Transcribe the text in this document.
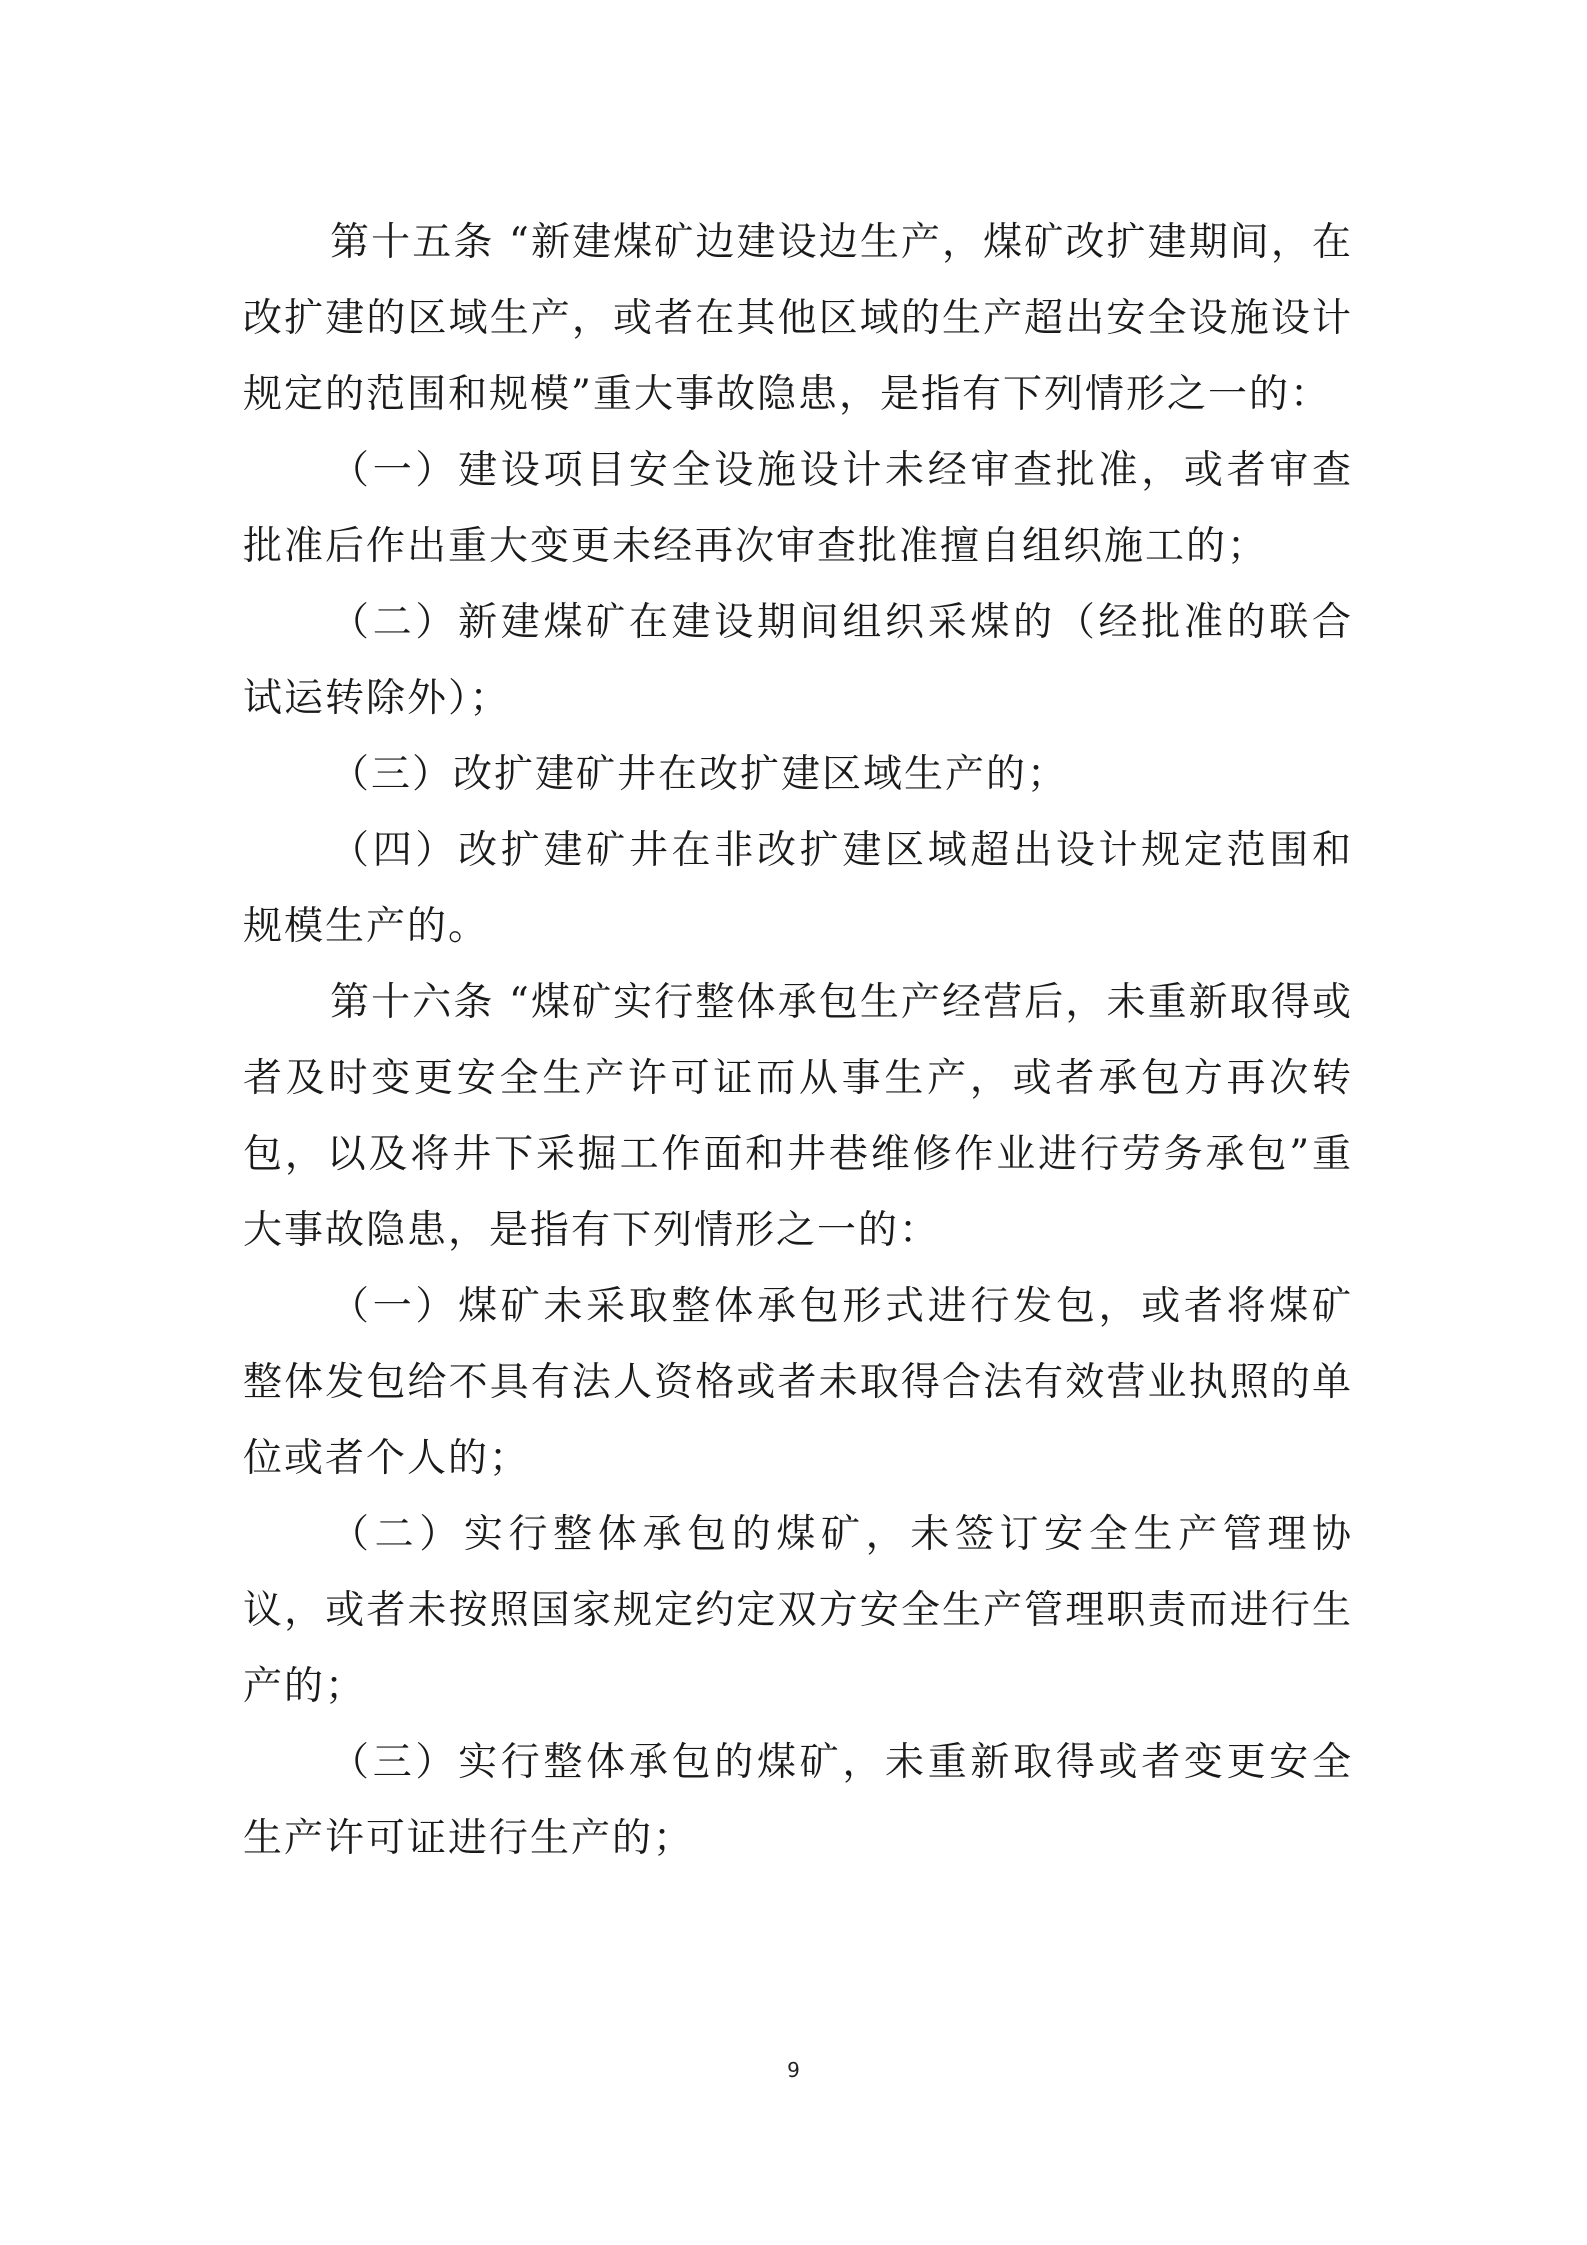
第十五条 “新建煤矿边建设边生产，煤矿改扩建期间，在改扩建的区域生产，或者在其他区域的生产超出安全设施设计规定的范围和规模”重大事故隐患，是指有下列情形之一的：

（一）建设项目安全设施设计未经审查批准，或者审查批准后作出重大变更未经再次审查批准擅自组织施工的；

（二）新建煤矿在建设期间组织采煤的（经批准的联合试运转除外）；

（三）改扩建矿井在改扩建区域生产的；

（四）改扩建矿井在非改扩建区域超出设计规定范围和规模生产的。

第十六条 “煤矿实行整体承包生产经营后，未重新取得或者及时变更安全生产许可证而从事生产，或者承包方再次转包，以及将井下采掘工作面和井巷维修作业进行劳务承包”重大事故隐患，是指有下列情形之一的：

（一）煤矿未采取整体承包形式进行发包，或者将煤矿整体发包给不具有法人资格或者未取得合法有效营业执照的单位或者个人的；

（二）实行整体承包的煤矿，未签订安全生产管理协议，或者未按照国家规定约定双方安全生产管理职责而进行生产的；

（三）实行整体承包的煤矿，未重新取得或者变更安全生产许可证进行生产的；

9
